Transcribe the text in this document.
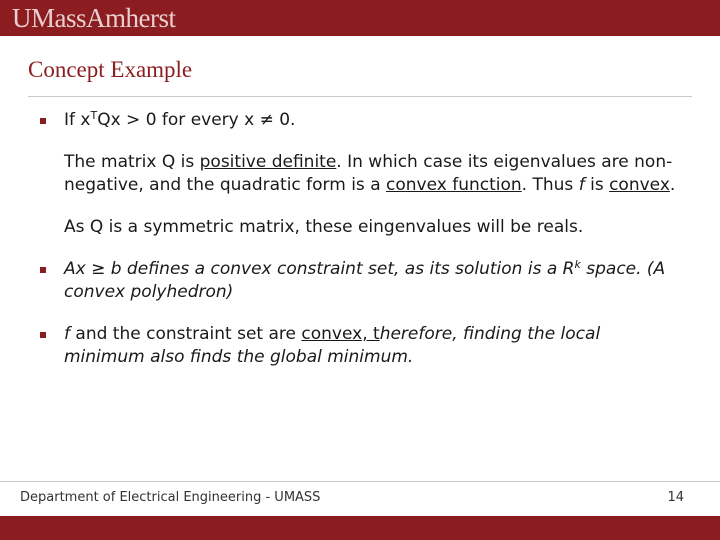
UMassAmherst
Concept Example
If $x^TQx > 0$ for every x ≠ 0.
The matrix Q is positive definite. In which case its eigenvalues are non-negative, and the quadratic form is a convex function. Thus f is convex.
As Q is a symmetric matrix, these eingenvalues will be reals.
Ax ≥ b defines a convex constraint set, as its solution is a $R^k$ space. (A convex polyhedron)
f and the constraint set are convex, therefore, finding the local minimum also finds the global minimum.
Department of Electrical Engineering - UMASS	14
